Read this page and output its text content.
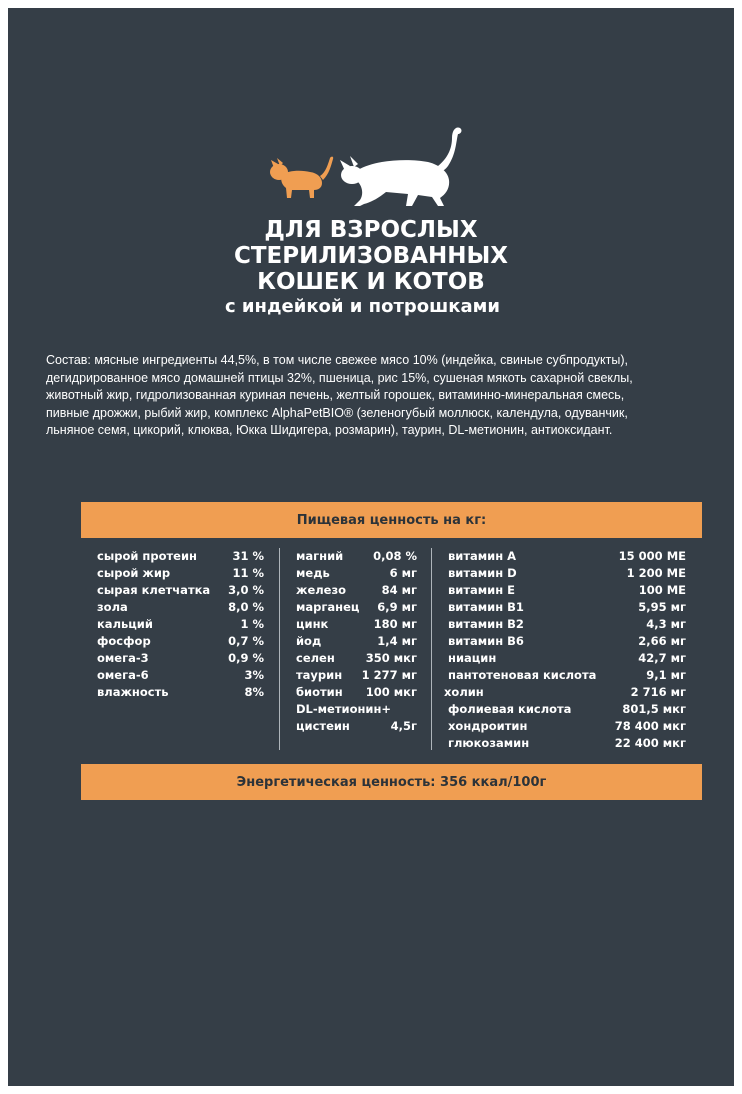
ДЛЯ ВЗРОСЛЫХ
СТЕРИЛИЗОВАННЫХ
КОШЕК И КОТОВ
с индейкой и потрошками
Состав: мясные ингредиенты 44,5%, в том числе свежее мясо 10% (индейка, свиные субпродукты),
дегидрированное мясо домашней птицы 32%, пшеница, рис 15%, сушеная мякоть сахарной свеклы,
животный жир, гидролизованная куриная печень, желтый горошек, витаминно-минеральная смесь,
пивные дрожжи, рыбий жир, комплекс AlphaPetBIO® (зеленогубый моллюск, календула, одуванчик,
льняное семя, цикорий, клюква, Юкка Шидигера, розмарин), таурин, DL-метионин, антиоксидант.
Пищевая ценность на кг:
сырой протеин	31 %
сырой жир	11 %
сырая клетчатка 3,0 %
зола	8,0 %
кальций	1 %
фосфор	0,7 %
омега-3	0,9 %
омега-6	3%
влажность	8%
магний	0,08 %
медь	6 мг
железо	84 мг
марганец 6,9 мг
цинк	180 мг
йод	1,4 мг
селен	350 мкг
таурин 1 277 мг
биотин 100 мкг
DL-метионин+
цистеин	4,5г
витамин А	15 000 МЕ
витамин D	1 200 МЕ
витамин Е	100 МЕ
витамин В1	5,95 мг
витамин В2	4,3 мг
витамин В6	2,66 мг
ниацин	42,7 мг
пантотеновая кислота	9,1 мг
холин	2 716 мг
фолиевая кислота	801,5 мкг
хондроитин	78 400 мкг
глюкозамин	22 400 мкг
Энергетическая ценность: 356 ккал/100г
